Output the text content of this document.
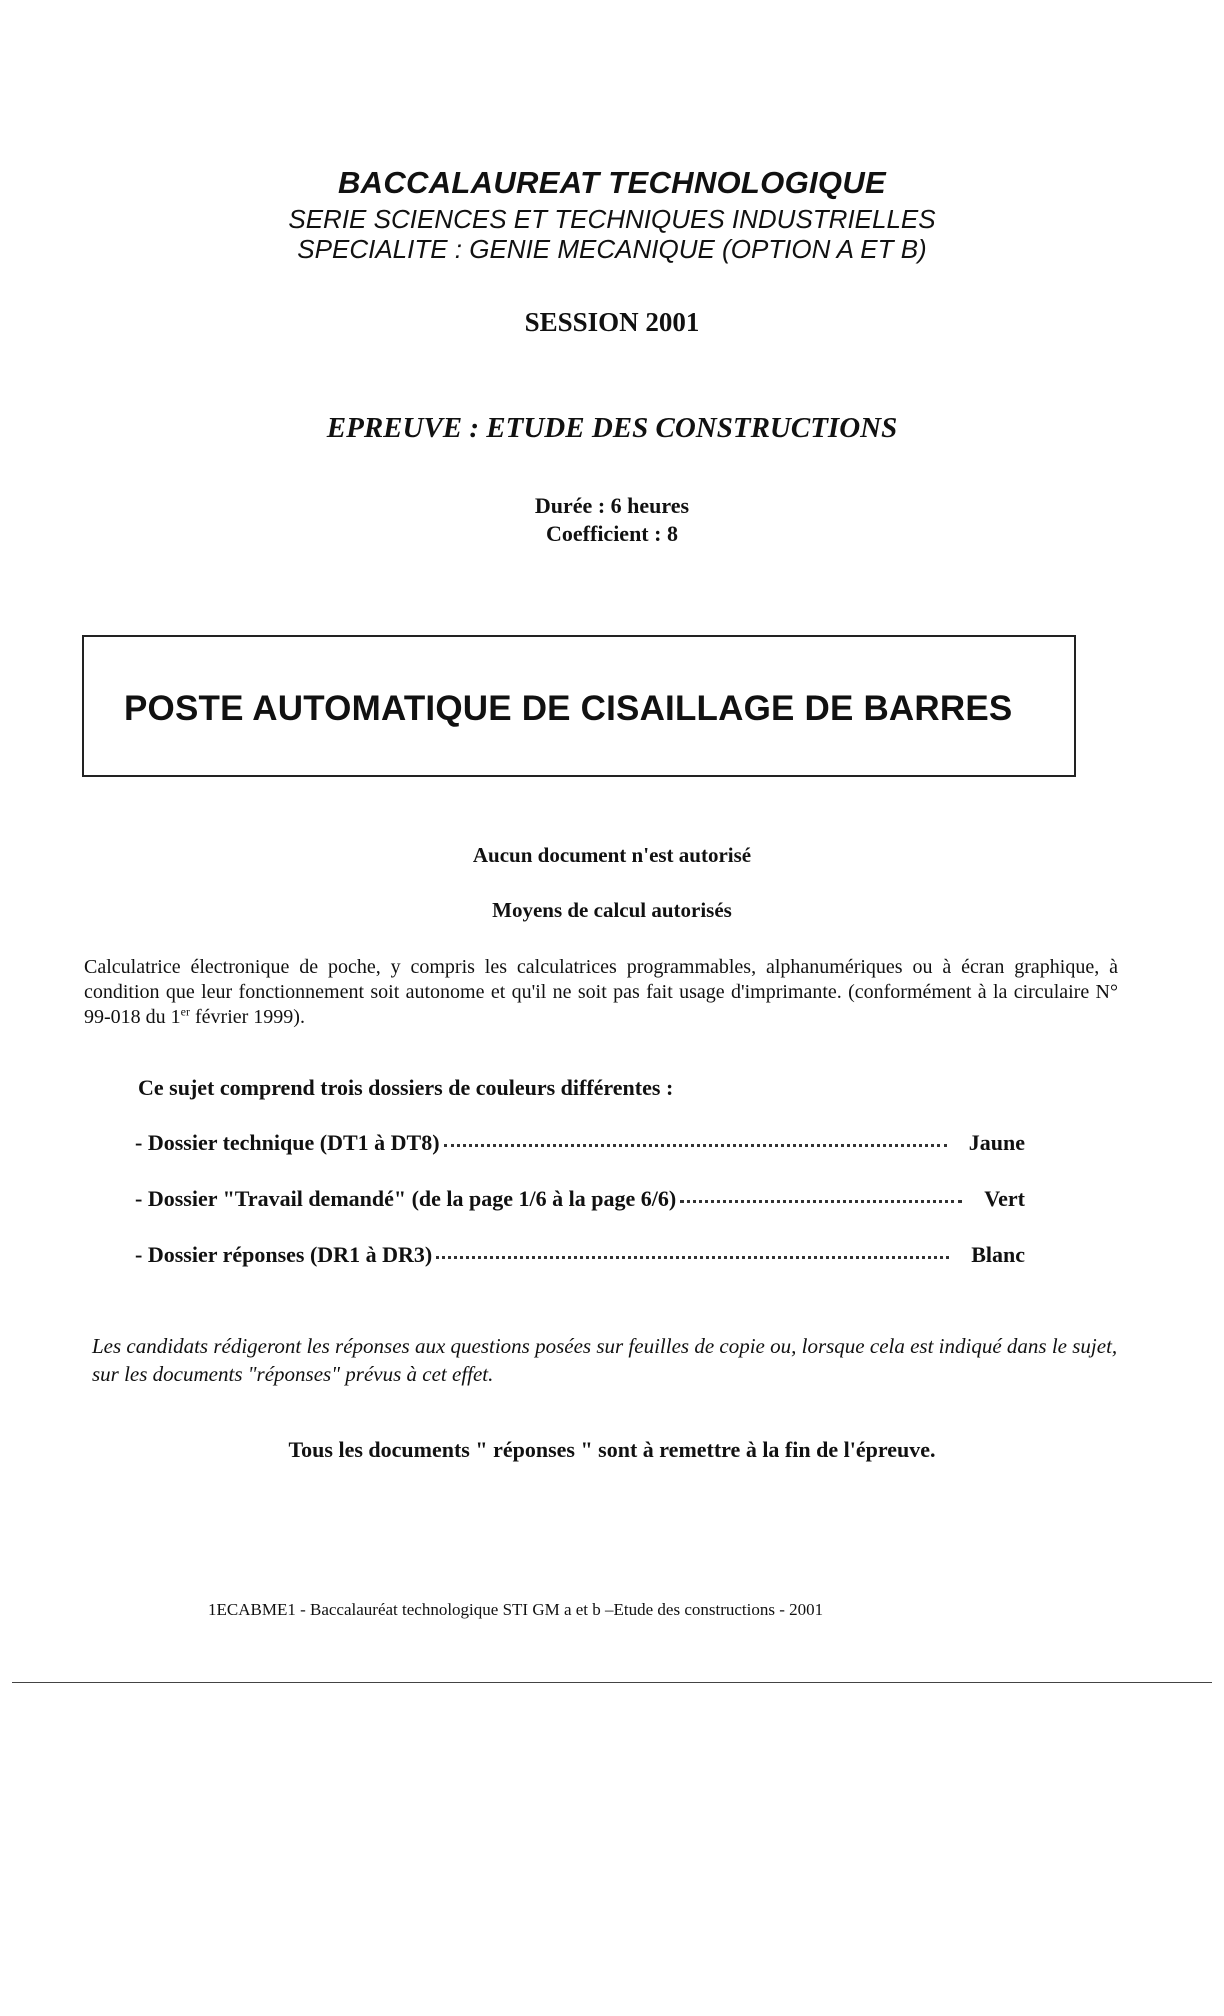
BACCALAUREAT TECHNOLOGIQUE
SERIE SCIENCES ET TECHNIQUES INDUSTRIELLES
SPECIALITE : GENIE MECANIQUE (OPTION A ET B)
SESSION 2001
EPREUVE : ETUDE DES CONSTRUCTIONS
Durée : 6 heures
Coefficient : 8
POSTE AUTOMATIQUE DE CISAILLAGE DE BARRES
Aucun document n'est autorisé
Moyens de calcul autorisés
Calculatrice électronique de poche, y compris les calculatrices programmables, alphanumériques ou à écran graphique, à condition que leur fonctionnement soit autonome et qu'il ne soit pas fait usage d'imprimante. (conformément à la circulaire N° 99-018 du 1er février 1999).
Ce sujet comprend trois dossiers de couleurs différentes :
- Dossier technique (DT1 à DT8)	Jaune
- Dossier "Travail demandé" (de la page 1/6 à la page 6/6)	Vert
- Dossier réponses (DR1 à DR3)	Blanc
Les candidats rédigeront les réponses aux questions posées sur feuilles de copie ou, lorsque cela est indiqué dans le sujet, sur les documents "réponses" prévus à cet effet.
Tous les documents " réponses " sont à remettre à la fin de l'épreuve.
1ECABME1 - Baccalauréat technologique STI GM a et b –Etude des constructions - 2001
